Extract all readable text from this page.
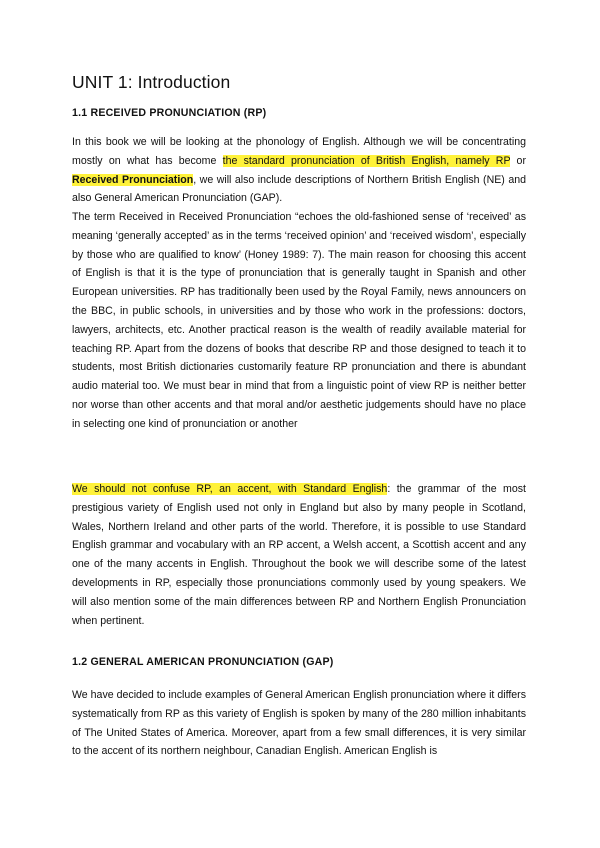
UNIT 1: Introduction
1.1 RECEIVED PRONUNCIATION (RP)

In this book we will be looking at the phonology of English. Although we will be concentrating mostly on what has become the standard pronunciation of British English, namely RP or Received Pronunciation, we will also include descriptions of Northern British English (NE) and also General American Pronunciation (GAP).

The term Received in Received Pronunciation “echoes the old-fashioned sense of ‘received’ as meaning ‘generally accepted’ as in the terms ‘received opinion’ and ‘received wisdom’, especially by those who are qualified to know’ (Honey 1989: 7). The main reason for choosing this accent of English is that it is the type of pronunciation that is generally taught in Spanish and other European universities. RP has traditionally been used by the Royal Family, news announcers on the BBC, in public schools, in universities and by those who work in the professions: doctors, lawyers, architects, etc. Another practical reason is the wealth of readily available material for teaching RP. Apart from the dozens of books that describe RP and those designed to teach it to students, most British dictionaries customarily feature RP pronunciation and there is abundant audio material too. We must bear in mind that from a linguistic point of view RP is neither better nor worse than other accents and that moral and/or aesthetic judgements should have no place in selecting one kind of pronunciation or another

We should not confuse RP, an accent, with Standard English: the grammar of the most prestigious variety of English used not only in England but also by many people in Scotland, Wales, Northern Ireland and other parts of the world. Therefore, it is possible to use Standard English grammar and vocabulary with an RP accent, a Welsh accent, a Scottish accent and any one of the many accents in English. Throughout the book we will describe some of the latest developments in RP, especially those pronunciations commonly used by young speakers. We will also mention some of the main differences between RP and Northern English Pronunciation when pertinent.

1.2 GENERAL AMERICAN PRONUNCIATION (GAP)

We have decided to include examples of General American English pronunciation where it differs systematically from RP as this variety of English is spoken by many of the 280 million inhabitants of The United States of America. Moreover, apart from a few small differences, it is very similar to the accent of its northern neighbour, Canadian English. American English is
